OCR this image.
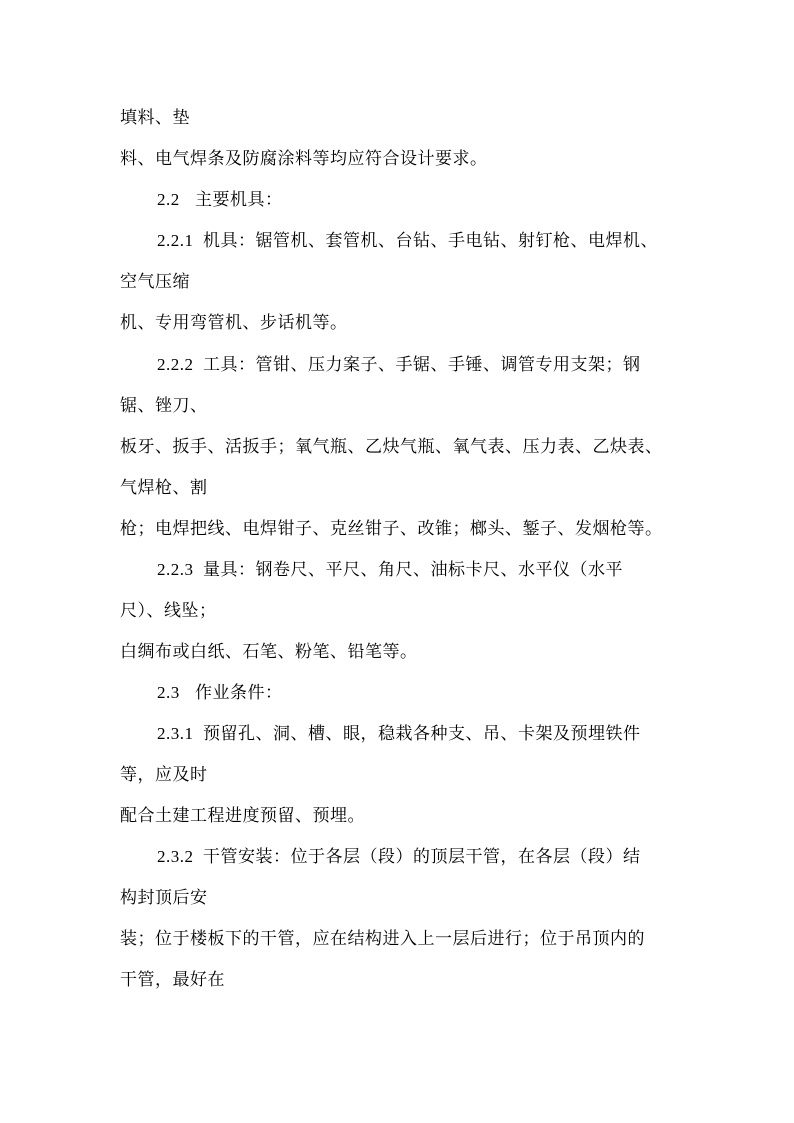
填料、垫
料、电气焊条及防腐涂料等均应符合设计要求。
2.2 主要机具：
2.2.1 机具：锯管机、套管机、台钻、手电钻、射钉枪、电焊机、
空气压缩
机、专用弯管机、步话机等。
2.2.2 工具：管钳、压力案子、手锯、手锤、调管专用支架；钢
锯、锉刀、
板牙、扳手、活扳手；氧气瓶、乙炔气瓶、氧气表、压力表、乙炔表、
气焊枪、割
枪；电焊把线、电焊钳子、克丝钳子、改锥；榔头、錾子、发烟枪等。
2.2.3 量具：钢卷尺、平尺、角尺、油标卡尺、水平仪（水平
尺）、线坠；
白绸布或白纸、石笔、粉笔、铅笔等。
2.3 作业条件：
2.3.1 预留孔、洞、槽、眼，稳栽各种支、吊、卡架及预埋铁件
等，应及时
配合土建工程进度预留、预埋。
2.3.2 干管安装：位于各层（段）的顶层干管，在各层（段）结
构封顶后安
装；位于楼板下的干管，应在结构进入上一层后进行；位于吊顶内的
干管，最好在
